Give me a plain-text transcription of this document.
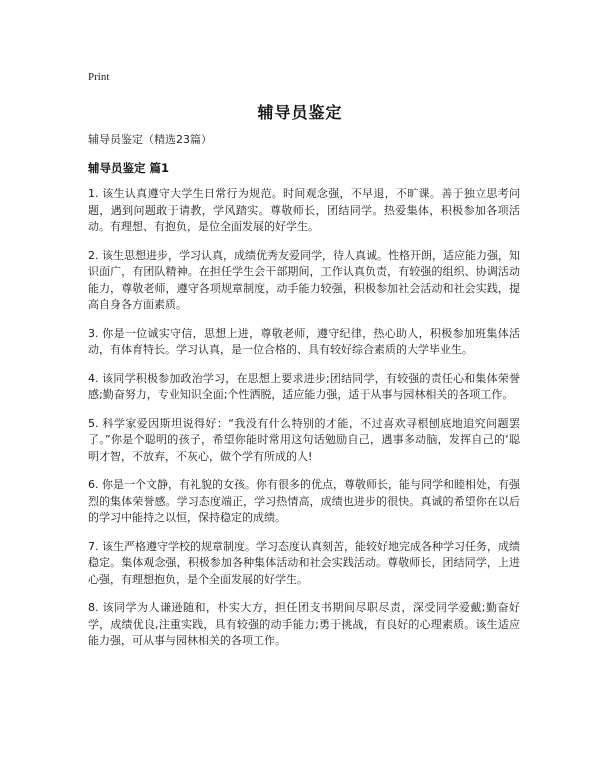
Print
辅导员鉴定
辅导员鉴定（精选23篇）
辅导员鉴定 篇1

1. 该生认真遵守大学生日常行为规范。时间观念强，不早退，不旷课。善于独立思考问题，遇到问题敢于请教，学风踏实。尊敬师长，团结同学。热爱集体，积极参加各项活动。有理想、有抱负，是位全面发展的好学生。

2. 该生思想进步，学习认真，成绩优秀友爱同学，待人真诚。性格开朗，适应能力强，知识面广，有团队精神。在担任学生会干部期间，工作认真负责，有较强的组织、协调活动能力，尊敬老师，遵守各项规章制度，动手能力较强，积极参加社会活动和社会实践，提高自身各方面素质。

3. 你是一位诚实守信，思想上进，尊敬老师，遵守纪律，热心助人，积极参加班集体活动，有体育特长。学习认真，是一位合格的、具有较好综合素质的大学毕业生。

4. 该同学积极参加政治学习，在思想上要求进步;团结同学，有较强的责任心和集体荣誉感;勤奋努力，专业知识全面;个性洒脱，适应能力强，适于从事与园林相关的各项工作。

5. 科学家爱因斯坦说得好：“我没有什么特别的才能，不过喜欢寻根刨底地追究问题罢了。”你是个聪明的孩子，希望你能时常用这句话勉励自己，遇事多动脑，发挥自己的‘聪明才智，不放弃，不灰心，做个学有所成的人!

6. 你是一个文静，有礼貌的女孩。你有很多的优点，尊敬师长，能与同学和睦相处，有强烈的集体荣誉感。学习态度端正，学习热情高，成绩也进步的很快。真诚的希望你在以后的学习中能持之以恒，保持稳定的成绩。

7. 该生严格遵守学校的规章制度。学习态度认真刻苦，能较好地完成各种学习任务，成绩稳定。集体观念强，积极参加各种集体活动和社会实践活动。尊敬师长，团结同学，上进心强，有理想抱负，是个全面发展的好学生。

8. 该同学为人谦逊随和，朴实大方，担任团支书期间尽职尽责，深受同学爱戴;勤奋好学，成绩优良,注重实践，具有较强的动手能力;勇于挑战，有良好的心理素质。该生适应能力强，可从事与园林相关的各项工作。
